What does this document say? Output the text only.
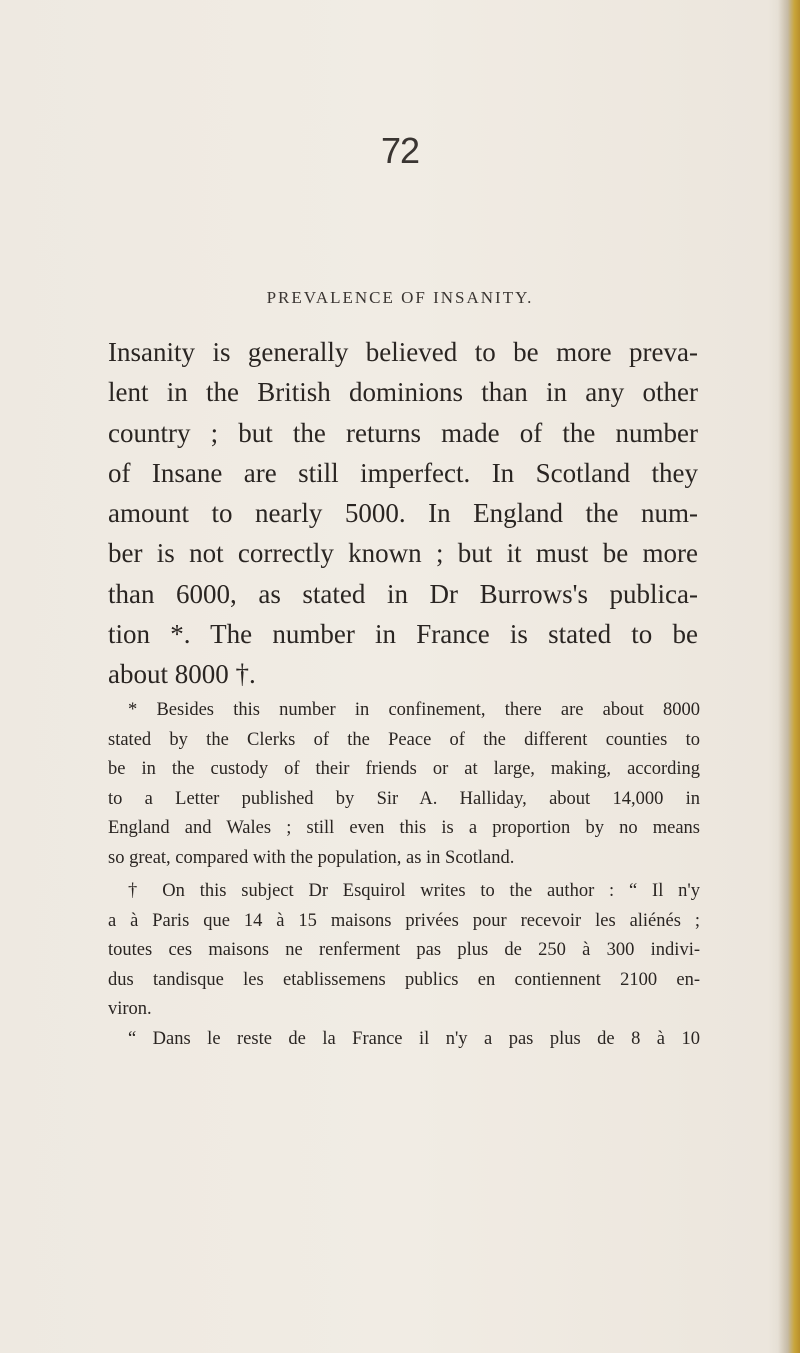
72
PREVALENCE OF INSANITY.

Insanity is generally believed to be more preva-
lent in the British dominions than in any other
country ; but the returns made of the number
of Insane are still imperfect. In Scotland they
amount to nearly 5000. In England the num-
ber is not correctly known ; but it must be more
than 6000, as stated in Dr Burrows's publica-
tion *. The number in France is stated to be
about 8000 †.

* Besides this number in confinement, there are about 8000
stated by the Clerks of the Peace of the different counties to
be in the custody of their friends or at large, making, according
to a Letter published by Sir A. Halliday, about 14,000 in
England and Wales ; still even this is a proportion by no means
so great, compared with the population, as in Scotland.

† On this subject Dr Esquirol writes to the author : “ Il n'y
a à Paris que 14 à 15 maisons privées pour recevoir les aliénés ;
toutes ces maisons ne renferment pas plus de 250 à 300 indivi-
dus tandisque les etablissemens publics en contiennent 2100 en-
viron.
“ Dans le reste de la France il n'y a pas plus de 8 à 10
